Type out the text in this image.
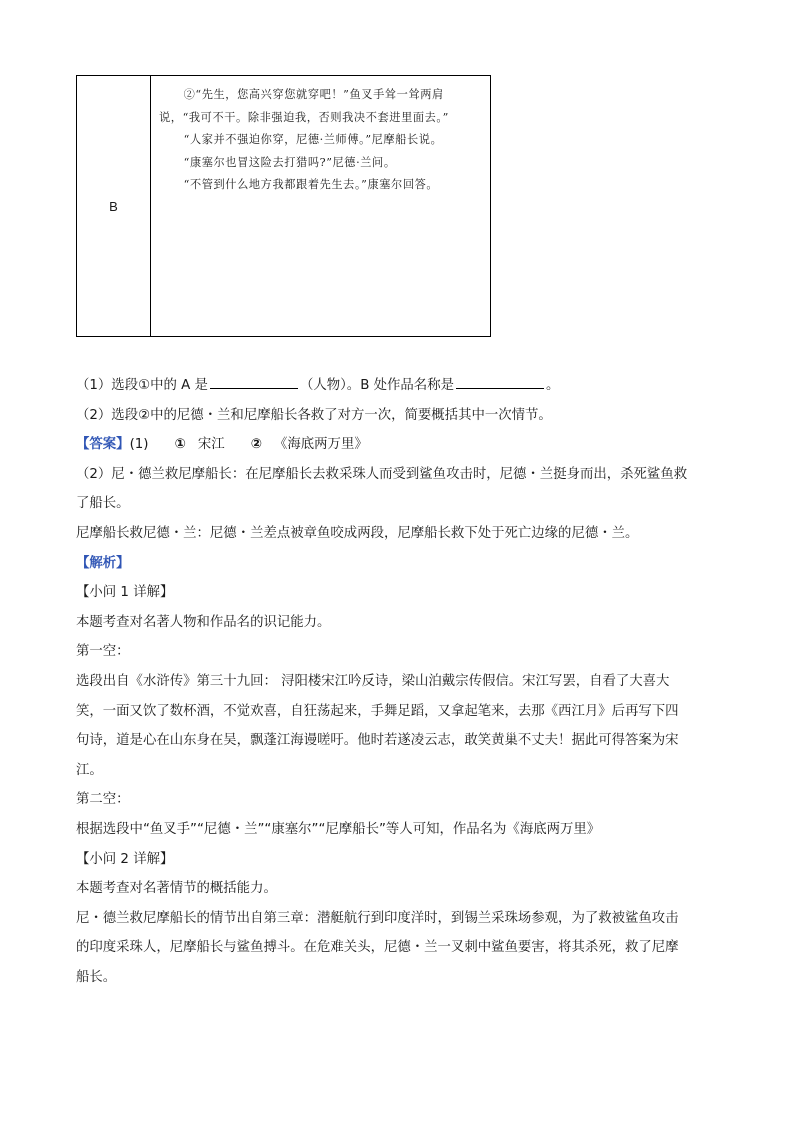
B

②“先生，您高兴穿您就穿吧！”鱼叉手耸一耸两肩说，“我可不干。除非强迫我，否则我决不套进里面去。”

“人家并不强迫你穿，尼德·兰师傅。”尼摩船长说。

“康塞尔也冒这险去打猎吗?”尼德·兰问。

“不管到什么地方我都跟着先生去。”康塞尔回答。

（1）选段①中的 A 是	（人物）。B 处作品名称是	。
（2）选段②中的尼德・兰和尼摩船长各救了对方一次，简要概括其中一次情节。
【答案】(1) ① 宋江 ② 《海底两万里》
（2）尼・德兰救尼摩船长：在尼摩船长去救采珠人而受到鲨鱼攻击时，尼德・兰挺身而出，杀死鲨鱼救
了船长。
尼摩船长救尼德・兰：尼德・兰差点被章鱼咬成两段，尼摩船长救下处于死亡边缘的尼德・兰。
【解析】
【小问 1 详解】
本题考查对名著人物和作品名的识记能力。
第一空：
选段出自《水浒传》第三十九回： 浔阳楼宋江吟反诗，梁山泊戴宗传假信。宋江写罢，自看了大喜大
笑，一面又饮了数杯酒，不觉欢喜，自狂荡起来，手舞足蹈，又拿起笔来，去那《西江月》后再写下四
句诗，道是心在山东身在吴，飘蓬江海谩嗟吁。他时若遂凌云志，敢笑黄巢不丈夫！据此可得答案为宋
江。
第二空：
根据选段中“鱼叉手”“尼德・兰”“康塞尔”“尼摩船长”等人可知，作品名为《海底两万里》
【小问 2 详解】
本题考查对名著情节的概括能力。
尼・德兰救尼摩船长的情节出自第三章：潜艇航行到印度洋时，到锡兰采珠场参观，为了救被鲨鱼攻击
的印度采珠人，尼摩船长与鲨鱼搏斗。在危难关头，尼德・兰一叉刺中鲨鱼要害，将其杀死，救了尼摩
船长。
